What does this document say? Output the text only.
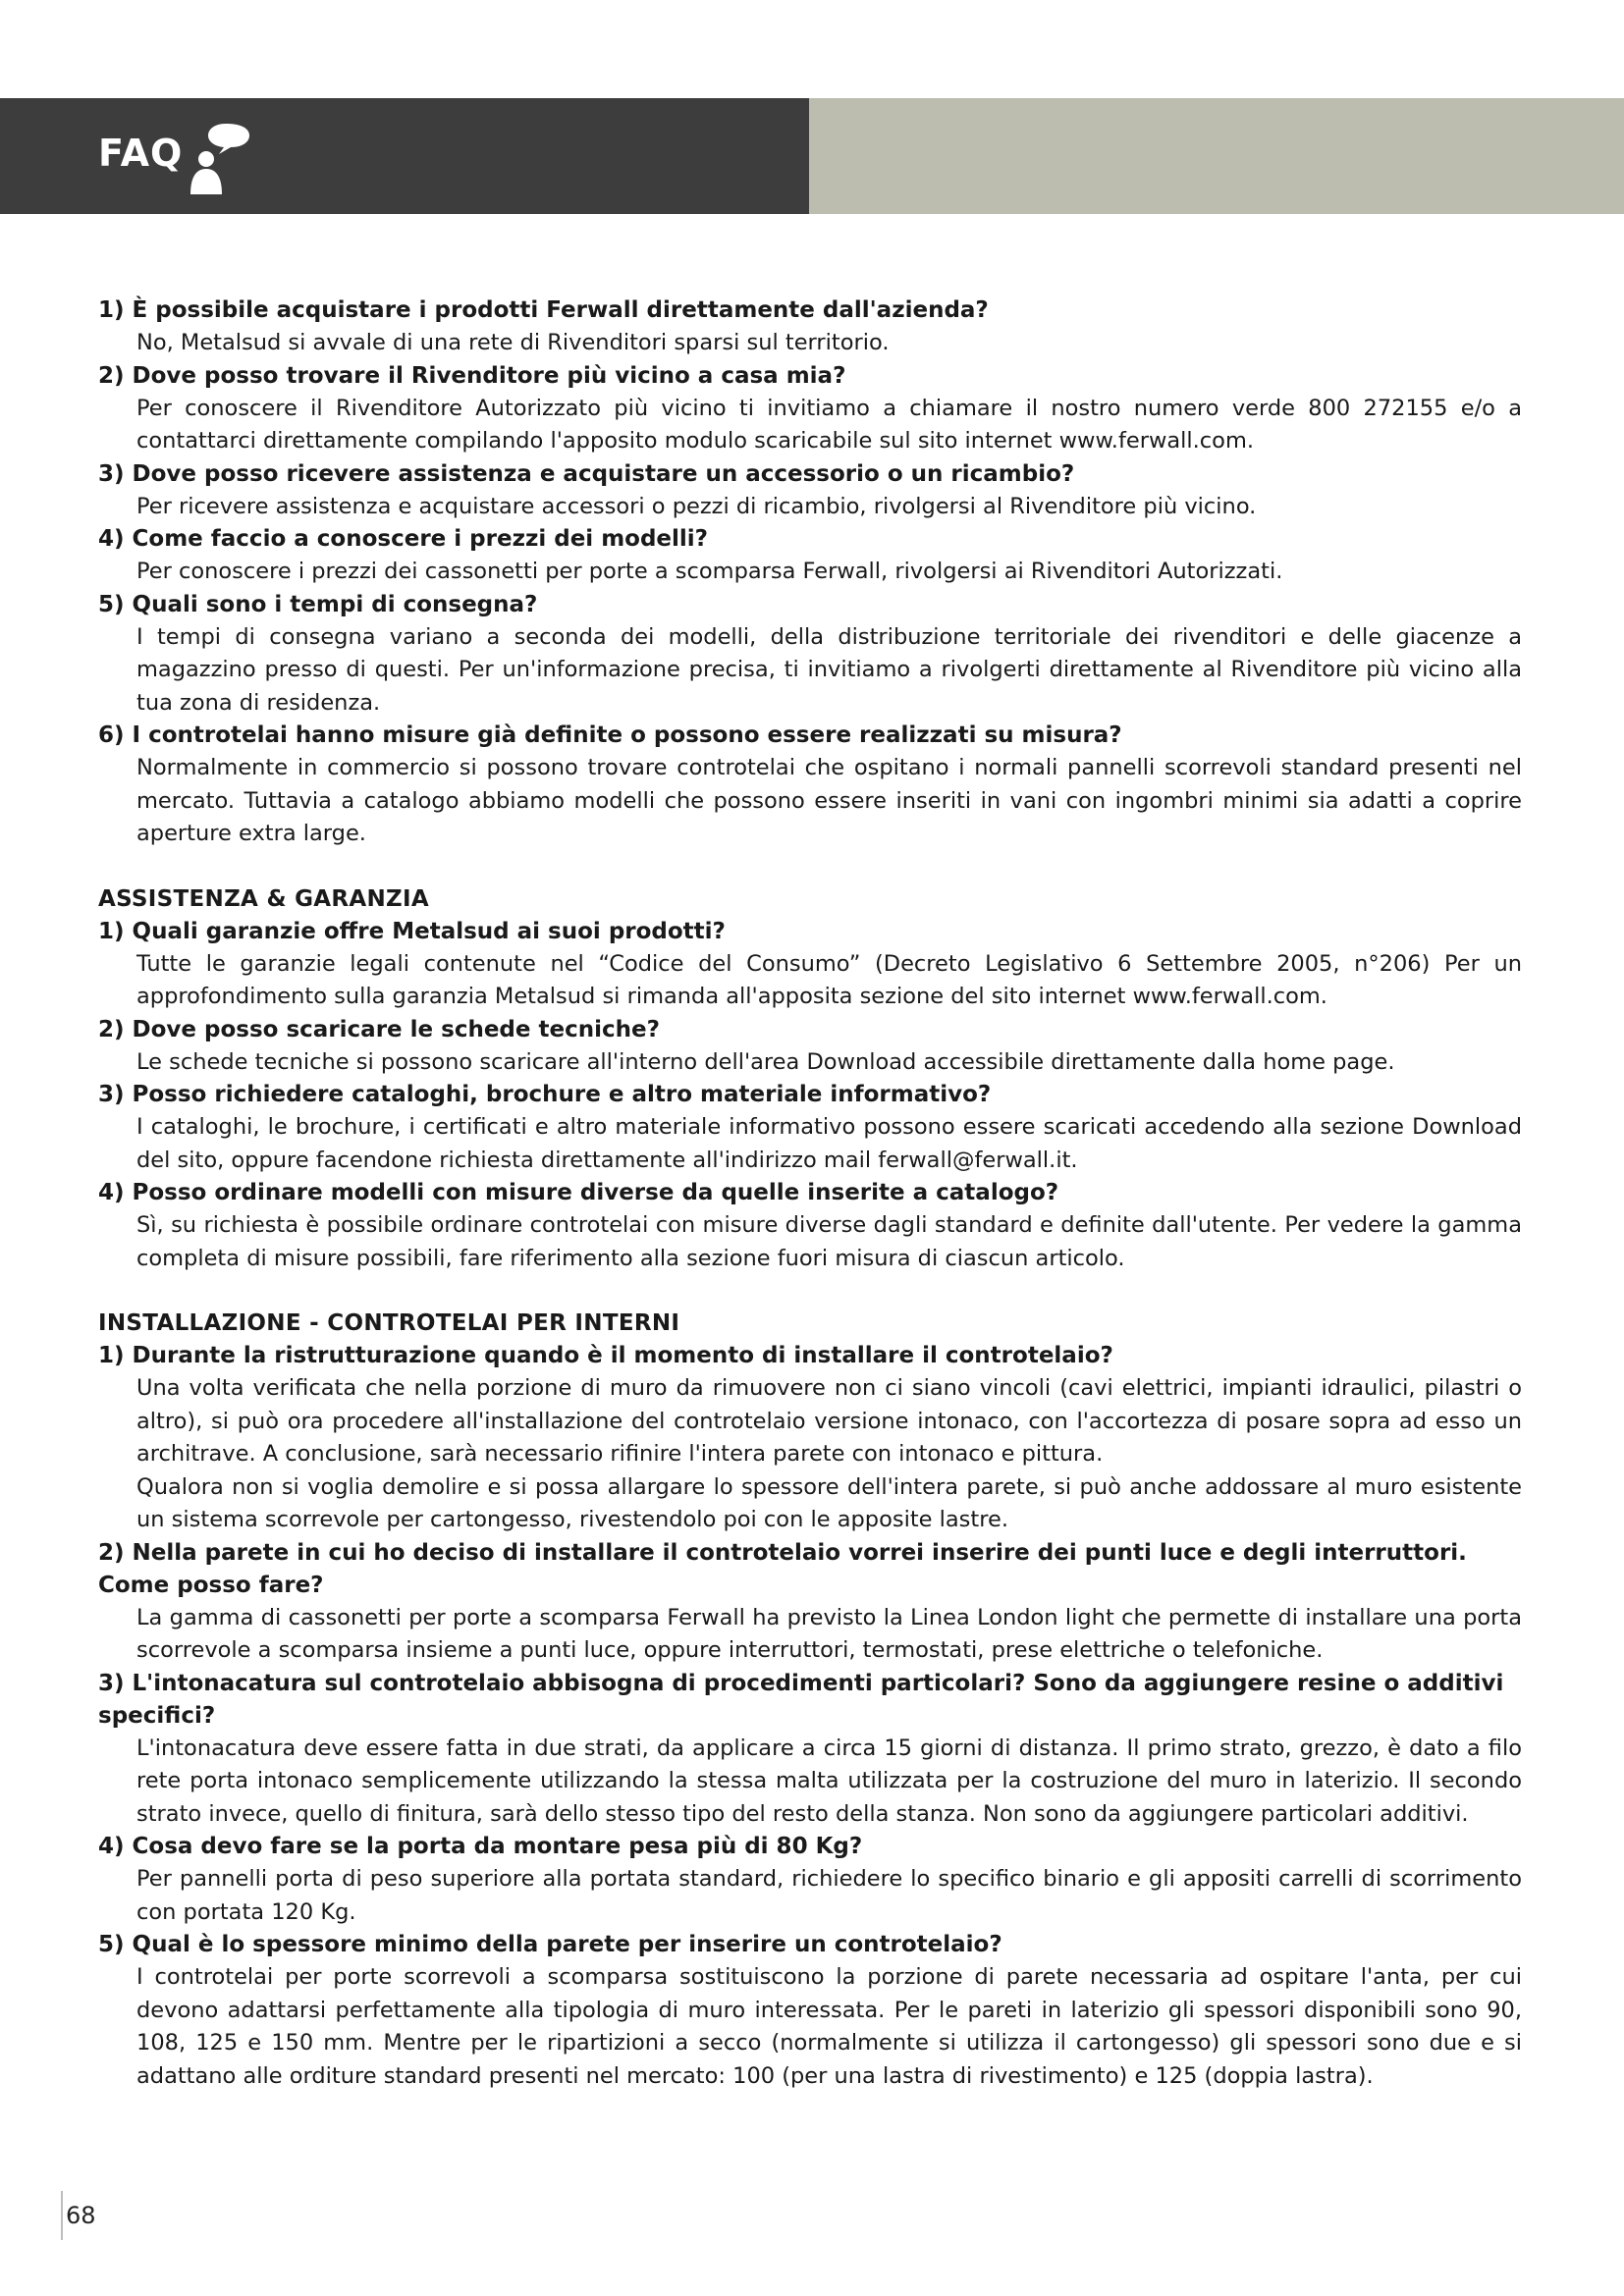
FAQ
1) È possibile acquistare i prodotti Ferwall direttamente dall'azienda?

No, Metalsud si avvale di una rete di Rivenditori sparsi sul territorio.

2) Dove posso trovare il Rivenditore più vicino a casa mia?

Per conoscere il Rivenditore Autorizzato più vicino ti invitiamo a chiamare il nostro numero verde 800 272155 e/o a contattarci direttamente compilando l'apposito modulo scaricabile sul sito internet www.ferwall.com.

3) Dove posso ricevere assistenza e acquistare un accessorio o un ricambio?

Per ricevere assistenza e acquistare accessori o pezzi di ricambio, rivolgersi al Rivenditore più vicino.

4) Come faccio a conoscere i prezzi dei modelli?

Per conoscere i prezzi dei cassonetti per porte a scomparsa Ferwall, rivolgersi ai Rivenditori Autorizzati.

5) Quali sono i tempi di consegna?

I tempi di consegna variano a seconda dei modelli, della distribuzione territoriale dei rivenditori e delle giacenze a magazzino presso di questi. Per un'informazione precisa, ti invitiamo a rivolgerti direttamente al Rivenditore più vicino alla tua zona di residenza.

6) I controtelai hanno misure già definite o possono essere realizzati su misura?

Normalmente in commercio si possono trovare controtelai che ospitano i normali pannelli scorrevoli standard presenti nel mercato. Tuttavia a catalogo abbiamo modelli che possono essere inseriti in vani con ingombri minimi sia adatti a coprire aperture extra large.

ASSISTENZA & GARANZIA
1) Quali garanzie offre Metalsud ai suoi prodotti?

Tutte le garanzie legali contenute nel “Codice del Consumo” (Decreto Legislativo 6 Settembre 2005, n°206) Per un approfondimento sulla garanzia Metalsud si rimanda all'apposita sezione del sito internet www.ferwall.com.

2) Dove posso scaricare le schede tecniche?

Le schede tecniche si possono scaricare all'interno dell'area Download accessibile direttamente dalla home page.

3) Posso richiedere cataloghi, brochure e altro materiale informativo?

I cataloghi, le brochure, i certificati e altro materiale informativo possono essere scaricati accedendo alla sezione Download del sito, oppure facendone richiesta direttamente all'indirizzo mail ferwall@ferwall.it.

4) Posso ordinare modelli con misure diverse da quelle inserite a catalogo?

Sì, su richiesta è possibile ordinare controtelai con misure diverse dagli standard e definite dall'utente. Per vedere la gamma completa di misure possibili, fare riferimento alla sezione fuori misura di ciascun articolo.

INSTALLAZIONE - CONTROTELAI PER INTERNI
1) Durante la ristrutturazione quando è il momento di installare il controtelaio?

Una volta verificata che nella porzione di muro da rimuovere non ci siano vincoli (cavi elettrici, impianti idraulici, pilastri o altro), si può ora procedere all'installazione del controtelaio versione intonaco, con l'accortezza di posare sopra ad esso un architrave. A conclusione, sarà necessario rifinire l'intera parete con intonaco e pittura.

Qualora non si voglia demolire e si possa allargare lo spessore dell'intera parete, si può anche addossare al muro esistente un sistema scorrevole per cartongesso, rivestendolo poi con le apposite lastre.

2) Nella parete in cui ho deciso di installare il controtelaio vorrei inserire dei punti luce e degli interruttori. Come posso fare?

La gamma di cassonetti per porte a scomparsa Ferwall ha previsto la Linea London light che permette di installare una porta scorrevole a scomparsa insieme a punti luce, oppure interruttori, termostati, prese elettriche o telefoniche.

3) L'intonacatura sul controtelaio abbisogna di procedimenti particolari? Sono da aggiungere resine o additivi specifici?

L'intonacatura deve essere fatta in due strati, da applicare a circa 15 giorni di distanza. Il primo strato, grezzo, è dato a filo rete porta intonaco semplicemente utilizzando la stessa malta utilizzata per la costruzione del muro in laterizio. Il secondo strato invece, quello di finitura, sarà dello stesso tipo del resto della stanza. Non sono da aggiungere particolari additivi.

4) Cosa devo fare se la porta da montare pesa più di 80 Kg?

Per pannelli porta di peso superiore alla portata standard, richiedere lo specifico binario e gli appositi carrelli di scorrimento con portata 120 Kg.

5) Qual è lo spessore minimo della parete per inserire un controtelaio?

I controtelai per porte scorrevoli a scomparsa sostituiscono la porzione di parete necessaria ad ospitare l'anta, per cui devono adattarsi perfettamente alla tipologia di muro interessata. Per le pareti in laterizio gli spessori disponibili sono 90, 108, 125 e 150 mm. Mentre per le ripartizioni a secco (normalmente si utilizza il cartongesso) gli spessori sono due e si adattano alle orditure standard presenti nel mercato: 100 (per una lastra di rivestimento) e 125 (doppia lastra).

68
